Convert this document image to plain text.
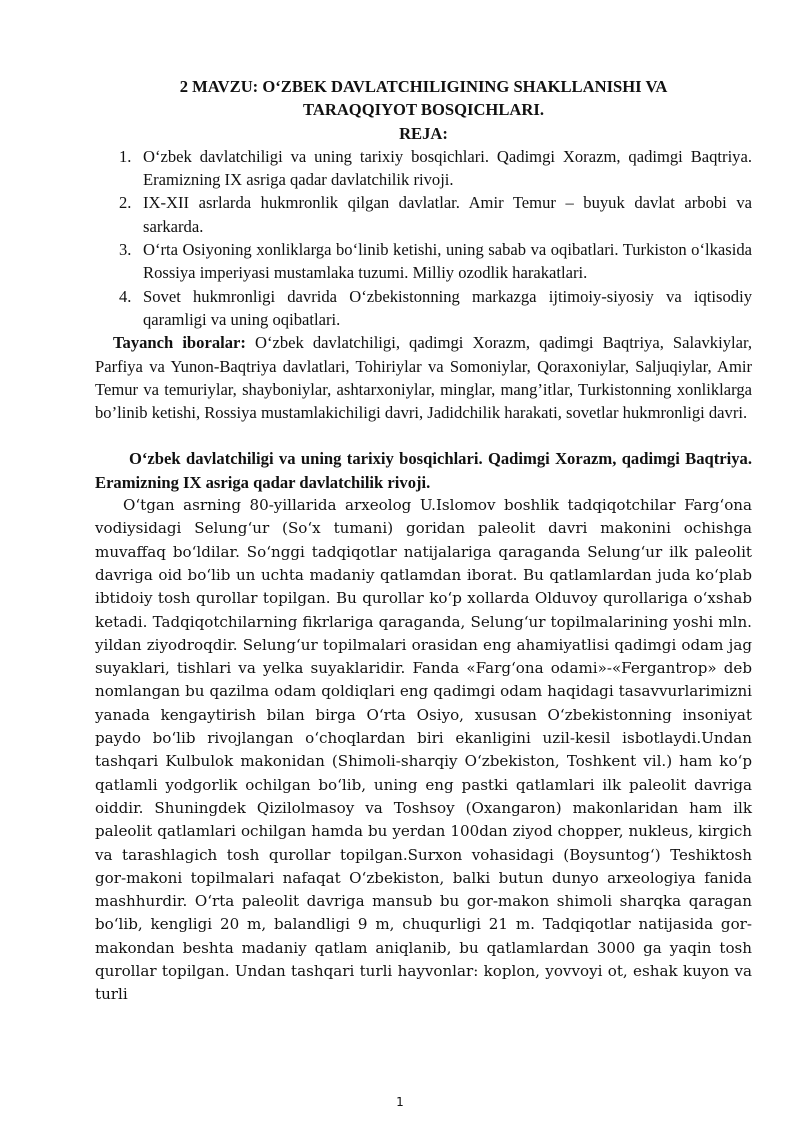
2 MAVZU: O‘ZBEK DAVLATCHILIGINING SHAKLLANISHI VA
TARAQQIYOT BOSQICHLARI.
REJA:
1. O‘zbek davlatchiligi va uning tarixiy bosqichlari. Qadimgi Xorazm, qadimgi Baqtriya. Eramizning IX asriga qadar davlatchilik rivoji.
2. IX-XII asrlarda hukmronlik qilgan davlatlar. Amir Temur – buyuk davlat arbobi va sarkarda.
3. O‘rta Osiyoning xonliklarga bo‘linib ketishi, uning sabab va oqibatlari. Turkiston o‘lkasida Rossiya imperiyasi mustamlaka tuzumi. Milliy ozodlik harakatlari.
4. Sovet hukmronligi davrida O‘zbekistonning markazga ijtimoiy-siyosiy va iqtisodiy qaramligi va uning oqibatlari.

Tayanch iboralar: O‘zbek davlatchiligi, qadimgi Xorazm, qadimgi Baqtriya, Salavkiylar, Parfiya va Yunon-Baqtriya davlatlari, Tohiriylar va Somoniylar, Qoraxoniylar, Saljuqiylar, Amir Temur va temuriylar, shayboniylar, ashtarxoniylar, minglar, mang’itlar, Turkistonning xonliklarga bo’linib ketishi, Rossiya mustamlakichiligi davri, Jadidchilik harakati, sovetlar hukmronligi davri.

O‘zbek davlatchiligi va uning tarixiy bosqichlari. Qadimgi Xorazm, qadimgi Baqtriya. Eramizning IX asriga qadar davlatchilik rivoji.

O‘tgan asrning 80-yillarida arxeolog U.Islomov boshlik tadqiqotchilar Farg‘ona vodiysidagi Selung‘ur (So‘x tumani) goridan paleolit davri makonini ochishga muvaffaq bo‘ldilar. So‘nggi tadqiqotlar natijalariga qaraganda Selung‘ur ilk paleolit davriga oid bo‘lib un uchta madaniy qatlamdan iborat. Bu qatlamlardan juda ko‘plab ibtidoiy tosh qurollar topilgan. Bu qurollar ko‘p xollarda Olduvoy qurollariga o‘xshab ketadi. Tadqiqotchilarning fikrlariga qaraganda, Selung‘ur topilmalarining yoshi mln. yildan ziyodroqdir. Selung‘ur topilmalari orasidan eng ahamiyatlisi qadimgi odam jag suyaklari, tishlari va yelka suyaklaridir. Fanda «Farg‘ona odami»-«Fergantrop» deb nomlangan bu qazilma odam qoldiqlari eng qadimgi odam haqidagi tasavvurlarimizni yanada kengaytirish bilan birga O‘rta Osiyo, xususan O‘zbekistonning insoniyat paydo bo‘lib rivojlangan o‘choqlardan biri ekanligini uzil-kesil isbotlaydi.Undan tashqari Kulbulok makonidan (Shimoli-sharqiy O‘zbekiston, Toshkent vil.) ham ko‘p qatlamli yodgorlik ochilgan bo‘lib, uning eng pastki qatlamlari ilk paleolit davriga oiddir. Shuningdek Qizilolmasoy va Toshsoy (Oxangaron) makonlaridan ham ilk paleolit qatlamlari ochilgan hamda bu yerdan 100dan ziyod chopper, nukleus, kirgich va tarashlagich tosh qurollar topilgan.Surxon vohasidagi (Boysuntog‘) Teshiktosh gor-makoni topilmalari nafaqat O‘zbekiston, balki butun dunyo arxeologiya fanida mashhurdir. O‘rta paleolit davriga mansub bu gor-makon shimoli sharqka qaragan bo‘lib, kengligi 20 m, balandligi 9 m, chuqurligi 21 m. Tadqiqotlar natijasida gor-makondan beshta madaniy qatlam aniqlanib, bu qatlamlardan 3000 ga yaqin tosh qurollar topilgan. Undan tashqari turli hayvonlar: koplon, yovvoyi ot, eshak kuyon va turli

1
